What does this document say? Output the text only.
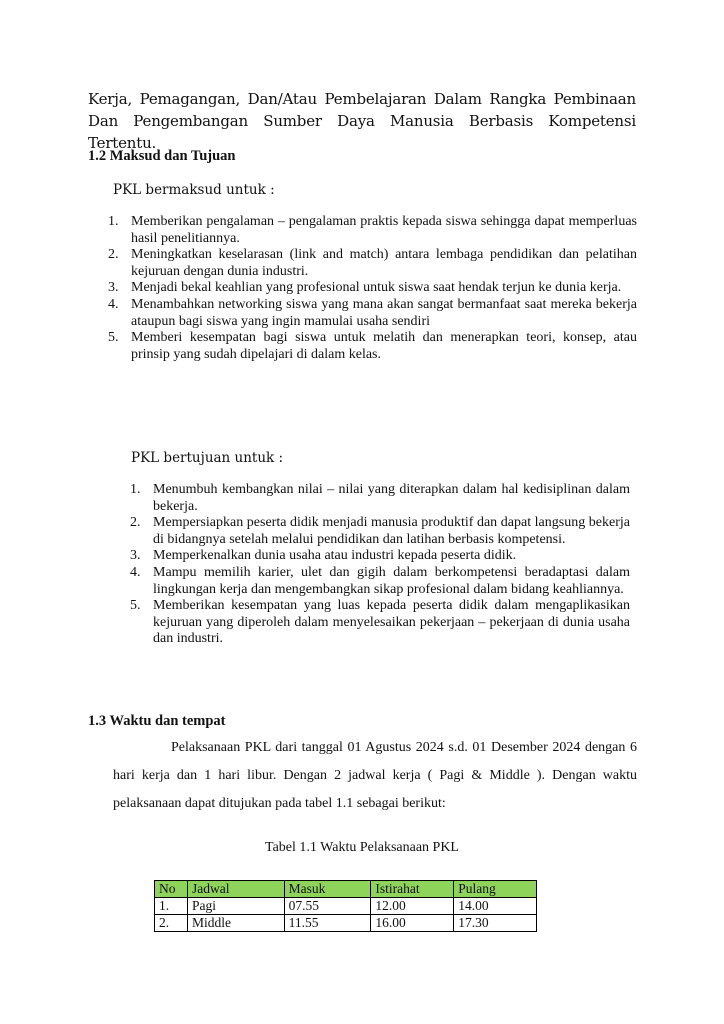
Kerja, Pemagangan, Dan/Atau Pembelajaran Dalam Rangka Pembinaan Dan Pengembangan Sumber Daya Manusia Berbasis Kompetensi Tertentu.

1.2 Maksud dan Tujuan

PKL bermaksud untuk :

1. Memberikan pengalaman – pengalaman praktis kepada siswa sehingga dapat memperluas hasil penelitiannya.
2. Meningkatkan keselarasan (link and match) antara lembaga pendidikan dan pelatihan kejuruan dengan dunia industri.
3. Menjadi bekal keahlian yang profesional untuk siswa saat hendak terjun ke dunia kerja.
4. Menambahkan networking siswa yang mana akan sangat bermanfaat saat mereka bekerja ataupun bagi siswa yang ingin mamulai usaha sendiri
5. Memberi kesempatan bagi siswa untuk melatih dan menerapkan teori, konsep, atau prinsip yang sudah dipelajari di dalam kelas.

PKL bertujuan untuk :

1. Menumbuh kembangkan nilai – nilai yang diterapkan dalam hal kedisiplinan dalam bekerja.
2. Mempersiapkan peserta didik menjadi manusia produktif dan dapat langsung bekerja di bidangnya setelah melalui pendidikan dan latihan berbasis kompetensi.
3. Memperkenalkan dunia usaha atau industri kepada peserta didik.
4. Mampu memilih karier, ulet dan gigih dalam berkompetensi beradaptasi dalam lingkungan kerja dan mengembangkan sikap profesional dalam bidang keahliannya.
5. Memberikan kesempatan yang luas kepada peserta didik dalam mengaplikasikan kejuruan yang diperoleh dalam menyelesaikan pekerjaan – pekerjaan di dunia usaha dan industri.
1.3 Waktu dan tempat

Pelaksanaan PKL dari tanggal 01 Agustus 2024 s.d. 01 Desember 2024 dengan 6 hari kerja dan 1 hari libur. Dengan 2 jadwal kerja ( Pagi & Middle ). Dengan waktu pelaksanaan dapat ditujukan pada tabel 1.1 sebagai berikut:

Tabel 1.1 Waktu Pelaksanaan PKL

No	Jadwal	Masuk	Istirahat	Pulang
1.	Pagi	07.55	12.00	14.00
2.	Middle	11.55	16.00	17.30
